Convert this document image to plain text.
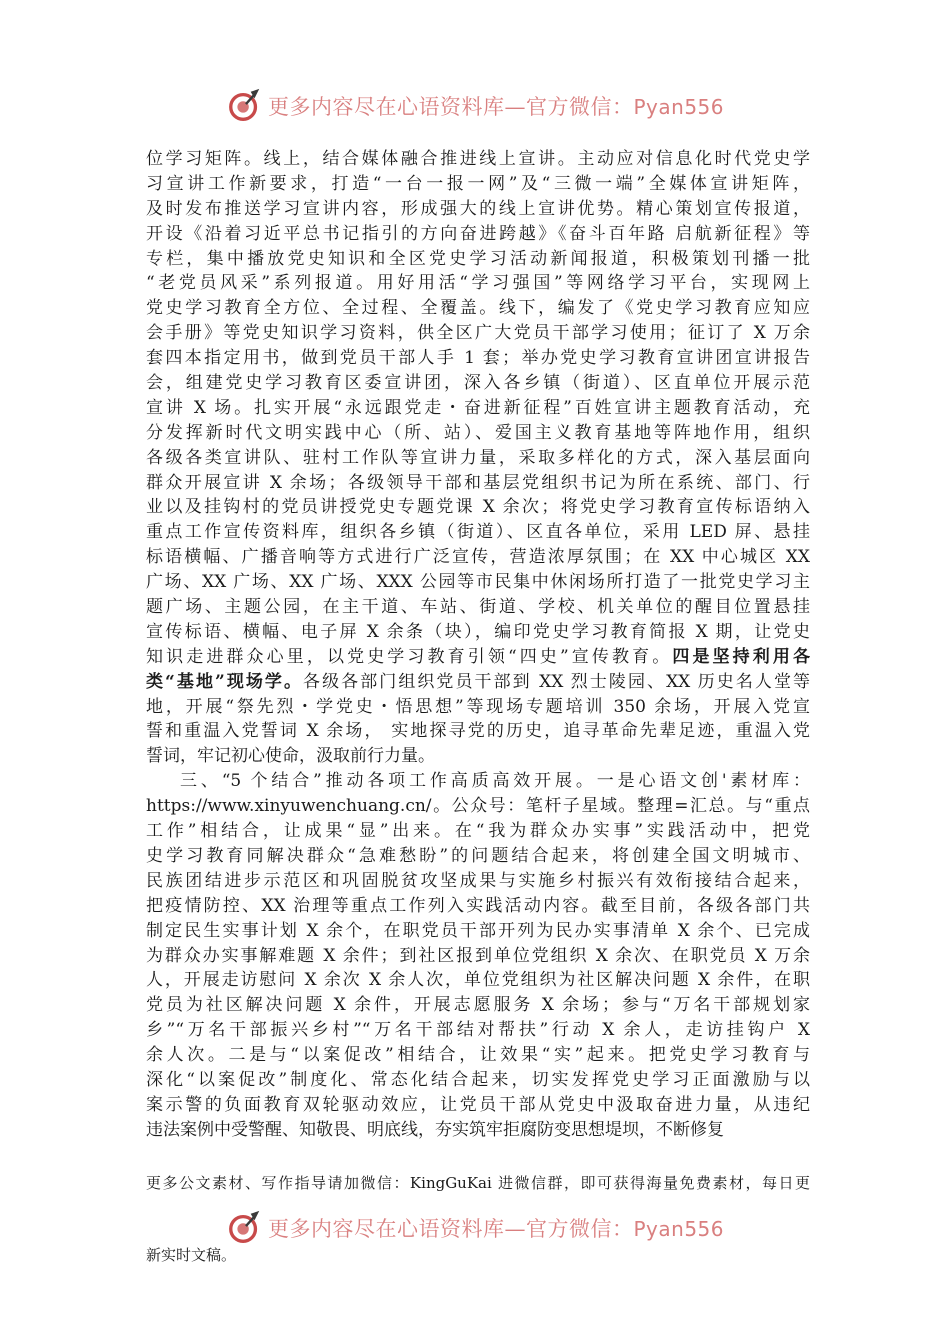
更多内容尽在心语资料库—官方微信：Pyan556
位学习矩阵。线上，结合媒体融合推进线上宣讲。主动应对信息化时代党史学
习宣讲工作新要求，打造“一台一报一网”及“三微一端”全媒体宣讲矩阵，
及时发布推送学习宣讲内容，形成强大的线上宣讲优势。精心策划宣传报道，
开设《沿着习近平总书记指引的方向奋进跨越》《奋斗百年路 启航新征程》等
专栏，集中播放党史知识和全区党史学习活动新闻报道，积极策划刊播一批
“老党员风采”系列报道。用好用活“学习强国”等网络学习平台，实现网上
党史学习教育全方位、全过程、全覆盖。线下，编发了《党史学习教育应知应
会手册》等党史知识学习资料，供全区广大党员干部学习使用；征订了 X 万余
套四本指定用书，做到党员干部人手 1 套；举办党史学习教育宣讲团宣讲报告
会，组建党史学习教育区委宣讲团，深入各乡镇（街道）、区直单位开展示范
宣讲 X 场。扎实开展“永远跟党走・奋进新征程”百姓宣讲主题教育活动，充
分发挥新时代文明实践中心（所、站）、爱国主义教育基地等阵地作用，组织
各级各类宣讲队、驻村工作队等宣讲力量，采取多样化的方式，深入基层面向
群众开展宣讲 X 余场；各级领导干部和基层党组织书记为所在系统、部门、行
业以及挂钩村的党员讲授党史专题党课 X 余次；将党史学习教育宣传标语纳入
重点工作宣传资料库，组织各乡镇（街道）、区直各单位，采用 LED 屏、悬挂
标语横幅、广播音响等方式进行广泛宣传，营造浓厚氛围；在 XX 中心城区 XX
广场、XX 广场、XX 广场、XXX 公园等市民集中休闲场所打造了一批党史学习主
题广场、主题公园，在主干道、车站、街道、学校、机关单位的醒目位置悬挂
宣传标语、横幅、电子屏 X 余条（块），编印党史学习教育简报 X 期，让党史
知识走进群众心里，以党史学习教育引领“四史”宣传教育。四是坚持利用各
类“基地”现场学。各级各部门组织党员干部到 XX 烈士陵园、XX 历史名人堂等
地，开展“祭先烈・学党史・悟思想”等现场专题培训 350 余场，开展入党宣
誓和重温入党誓词 X 余场， 实地探寻党的历史，追寻革命先辈足迹，重温入党
誓词，牢记初心使命，汲取前行力量。
三、“5 个结合”推动各项工作高质高效开展。一是心语文创'素材库：
https://www.xinyuwenchuang.cn/。公众号：笔杆子星域。整理=汇总。与“重点
工作”相结合，让成果“显”出来。在“我为群众办实事”实践活动中，把党
史学习教育同解决群众“急难愁盼”的问题结合起来，将创建全国文明城市、
民族团结进步示范区和巩固脱贫攻坚成果与实施乡村振兴有效衔接结合起来，
把疫情防控、XX 治理等重点工作列入实践活动内容。截至目前，各级各部门共
制定民生实事计划 X 余个，在职党员干部开列为民办实事清单 X 余个、已完成
为群众办实事解难题 X 余件；到社区报到单位党组织 X 余次、在职党员 X 万余
人，开展走访慰问 X 余次 X 余人次，单位党组织为社区解决问题 X 余件，在职
党员为社区解决问题 X 余件，开展志愿服务 X 余场；参与“万名干部规划家
乡”“万名干部振兴乡村”“万名干部结对帮扶”行动 X 余人，走访挂钩户 X
余人次。二是与“以案促改”相结合，让效果“实”起来。把党史学习教育与
深化“以案促改”制度化、常态化结合起来，切实发挥党史学习正面激励与以
案示警的负面教育双轮驱动效应，让党员干部从党史中汲取奋进力量，从违纪
违法案例中受警醒、知敬畏、明底线，夯实筑牢拒腐防变思想堤坝，不断修复
更多公文素材、写作指导请加微信：KingGuKai 进微信群，即可获得海量免费素材，每日更
更多内容尽在心语资料库—官方微信：Pyan556
新实时文稿。
